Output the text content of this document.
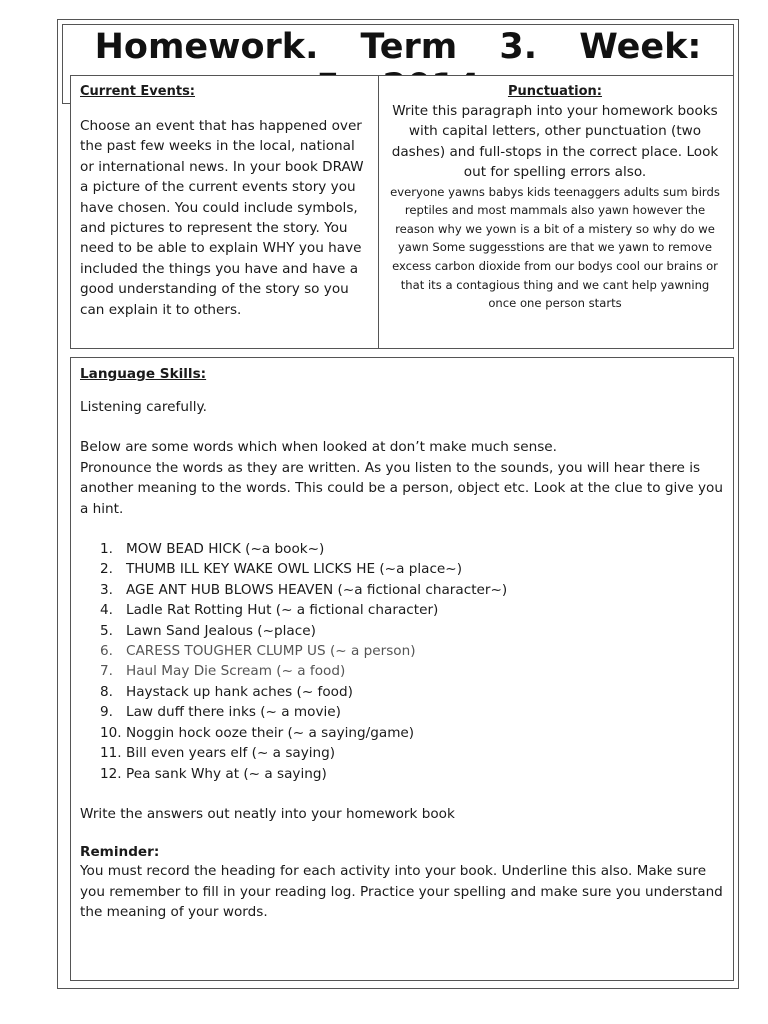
Homework. Term 3. Week:
Current Events:
Choose an event that has happened over the past few weeks in the local, national or international news. In your book DRAW a picture of the current events story you have chosen. You could include symbols, and pictures to represent the story. You need to be able to explain WHY you have included the things you have and have a good understanding of the story so you can explain it to others.
Punctuation:
Write this paragraph into your homework books with capital letters, other punctuation (two dashes) and full-stops in the correct place. Look out for spelling errors also.
everyone yawns babys kids teenaggers adults sum birds reptiles and most mammals also yawn however the reason why we yown is a bit of a mistery so why do we yawn Some suggesstions are that we yawn to remove excess carbon dioxide from our bodys cool our brains or that its a contagious thing and we cant help yawning once one person starts
Language Skills:
Listening carefully.
Below are some words which when looked at don’t make much sense.
Pronounce the words as they are written. As you listen to the sounds, you will hear there is another meaning to the words. This could be a person, object etc. Look at the clue to give you a hint.
1. MOW BEAD HICK (~a book~)
2. THUMB ILL KEY WAKE OWL LICKS HE (~a place~)
3. AGE ANT HUB BLOWS HEAVEN (~a fictional character~)
4. Ladle Rat Rotting Hut (~ a fictional character)
5. Lawn Sand Jealous (~place)
6. CARESS TOUGHER CLUMP US (~ a person)
7. Haul May Die Scream (~ a food)
8. Haystack up hank aches (~ food)
9. Law duff there inks (~ a movie)
10. Noggin hock ooze their (~ a saying/game)
11. Bill even years elf (~ a saying)
12. Pea sank Why at (~ a saying)
Write the answers out neatly into your homework book
Reminder:
You must record the heading for each activity into your book. Underline this also. Make sure you remember to fill in your reading log. Practice your spelling and make sure you understand the meaning of your words.
